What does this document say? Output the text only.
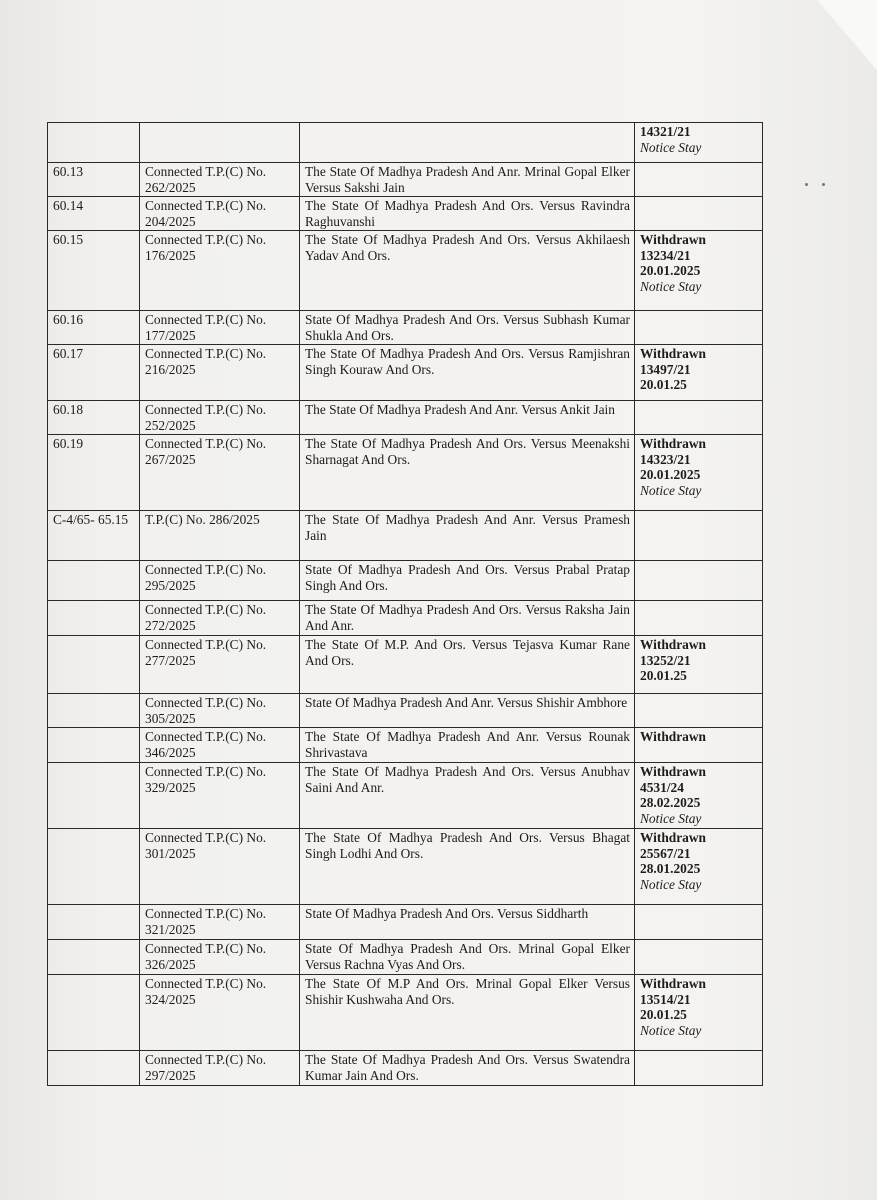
			14321/21
Notice Stay

60.13	Connected T.P.(C) No. 262/2025	The State Of Madhya Pradesh And Anr. Mrinal Gopal Elker Versus Sakshi Jain	
60.14	Connected T.P.(C) No. 204/2025	The State Of Madhya Pradesh And Ors. Versus Ravindra Raghuvanshi	
60.15	Connected T.P.(C) No. 176/2025	The State Of Madhya Pradesh And Ors. Versus Akhilaesh Yadav And Ors.	Withdrawn
13234/21
20.01.2025
Notice Stay

60.16	Connected T.P.(C) No. 177/2025	State Of Madhya Pradesh And Ors. Versus Subhash Kumar Shukla And Ors.	
60.17	Connected T.P.(C) No. 216/2025	The State Of Madhya Pradesh And Ors. Versus Ramjishran Singh Kouraw And Ors.	Withdrawn
13497/21
20.01.25

60.18	Connected T.P.(C) No. 252/2025	The State Of Madhya Pradesh And Anr. Versus Ankit Jain	
60.19	Connected T.P.(C) No. 267/2025	The State Of Madhya Pradesh And Ors. Versus Meenakshi Sharnagat And Ors.	Withdrawn
14323/21
20.01.2025
Notice Stay

C-4/65- 65.15	T.P.(C) No. 286/2025	The State Of Madhya Pradesh And Anr. Versus Pramesh Jain	
	Connected T.P.(C) No. 295/2025	State Of Madhya Pradesh And Ors. Versus Prabal Pratap Singh And Ors.	
	Connected T.P.(C) No. 272/2025	The State Of Madhya Pradesh And Ors. Versus Raksha Jain And Anr.	
	Connected T.P.(C) No. 277/2025	The State Of M.P. And Ors. Versus Tejasva Kumar Rane And Ors.	Withdrawn
13252/21
20.01.25

	Connected T.P.(C) No. 305/2025	State Of Madhya Pradesh And Anr. Versus Shishir Ambhore	
	Connected T.P.(C) No. 346/2025	The State Of Madhya Pradesh And Anr. Versus Rounak Shrivastava	Withdrawn

	Connected T.P.(C) No. 329/2025	The State Of Madhya Pradesh And Ors. Versus Anubhav Saini And Anr.	Withdrawn
4531/24
28.02.2025
Notice Stay

	Connected T.P.(C) No. 301/2025	The State Of Madhya Pradesh And Ors. Versus Bhagat Singh Lodhi And Ors.	Withdrawn
25567/21
28.01.2025
Notice Stay

	Connected T.P.(C) No. 321/2025	State Of Madhya Pradesh And Ors. Versus Siddharth	
	Connected T.P.(C) No. 326/2025	State Of Madhya Pradesh And Ors. Mrinal Gopal Elker Versus Rachna Vyas And Ors.	
	Connected T.P.(C) No. 324/2025	The State Of M.P And Ors. Mrinal Gopal Elker Versus Shishir Kushwaha And Ors.	Withdrawn
13514/21
20.01.25
Notice Stay

	Connected T.P.(C) No. 297/2025	The State Of Madhya Pradesh And Ors. Versus Swatendra Kumar Jain And Ors.	
